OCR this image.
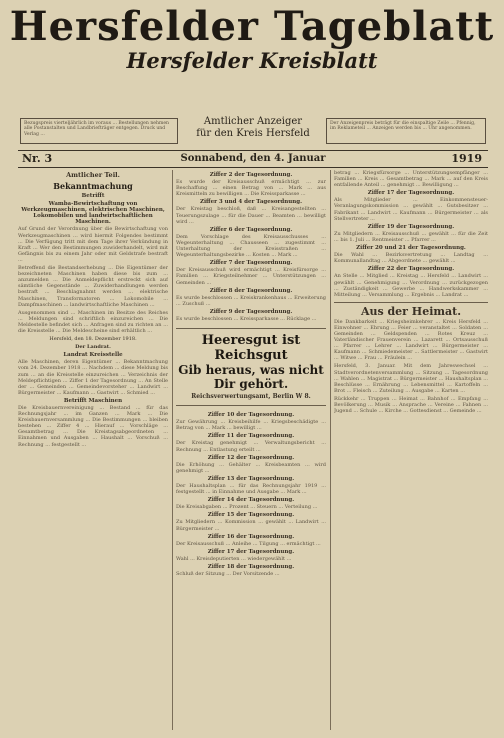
Hersfelder Tageblatt
Hersfelder Kreisblatt
Bezugspreis vierteljährlich im voraus ... Bestellungen nehmen alle Postanstalten und Landbriefträger entgegen. Druck und Verlag ...
Amtlicher Anzeiger
für den Kreis Hersfeld
Der Anzeigenpreis beträgt für die einspaltige Zeile ... Pfennig, im Reklameteil ... Anzeigen werden bis ... Uhr angenommen.
Nr. 3	Sonnabend, den 4. Januar	1919
Amtlicher Teil.
Bekanntmachung
Betrifft
Wamba-Bewirtschaftung von Werkzeugmaschinen, elektrischen Maschinen, Lokomobilen und landwirtschaftlichen Maschinen.
Auf Grund der Verordnung über die Bewirtschaftung von Werkzeugmaschinen ... wird hiermit Folgendes bestimmt ... Die Verfügung tritt mit dem Tage ihrer Verkündung in Kraft ... Wer den Bestimmungen zuwiderhandelt, wird mit Gefängnis bis zu einem Jahr oder mit Geldstrafe bestraft ...
Betreffend die Bestandserhebung ... Die Eigentümer der bezeichneten Maschinen haben diese bis zum ... anzumelden ... Die Anmeldepflicht erstreckt sich auf sämtliche Gegenstände ... Zuwiderhandlungen werden bestraft ... Beschlagnahmt werden ... elektrische Maschinen, Transformatoren ... Lokomobile ... Dampfmaschinen ... landwirtschaftliche Maschinen ...
Ausgenommen sind ... Maschinen im Besitze des Reiches ... Meldungen sind schriftlich einzureichen ... Die Meldestelle befindet sich ... Anfragen sind zu richten an ... die Kreisstelle ... Die Meldescheine sind erhältlich ...
Hersfeld, den 18. Dezember 1918.
Der Landrat.
Landrat Kreisstelle
Alle Maschinen, deren Eigentümer ... Bekanntmachung vom 24. Dezember 1918 ... Nachdem ... diese Meldung bis zum ... an die Kreisstelle einzureichen ... Verzeichnis der Meldepflichtigen ... Ziffer 1 der Tagesordnung ... An Stelle der ... Gemeinden ... Gemeindevorsteher ... Landwirt ... Bürgermeister ... Kaufmann ... Gastwirt ... Schmied ...
Betrifft Maschinen
Die Kreisbauernvereinigung ... Bestand ... für das Rechnungsjahr ... im Ganzen ... Mark ... Die Kreisbauernversammlung ... Die Bestimmungen ... bleiben bestehen ... Ziffer 4 ... Hierauf ... Vorschläge ... Gesamtbetrag ... Die Kreistagsabgeordneten ... Einnahmen und Ausgaben ... Haushalt ... Vorschuß ... Rechnung ... festgestellt ...
Ziffer 2 der Tagesordnung.
Es wurde der Kreisausschuß ermächtigt ... zur Beschaffung ... einen Betrag von ... Mark ... aus Kreismitteln zu bewilligen ... Die Kreissparkasse ...
Ziffer 3 und 4 der Tagesordnung.
Der Kreistag beschloß, daß ... Kreisangestellten ... Teuerungszulage ... für die Dauer ... Beamten ... bewilligt wird ...
Ziffer 6 der Tagesordnung.
Dem Vorschlage des Kreisausschusses ... Wegeunterhaltung ... Chausseen ... zugestimmt ... Unterhaltung der Kreisstraßen ... Wegeunterhaltungsbezirke ... Kosten ... Mark ...
Ziffer 7 der Tagesordnung.
Der Kreisausschuß wird ermächtigt ... Kreisfürsorge ... Familien ... Kriegsteilnehmer ... Unterstützungen ... Gemeinden ...
Ziffer 8 der Tagesordnung.
Es wurde beschlossen ... Kreiskrankenhaus ... Erweiterung ... Zuschuß ...
Ziffer 9 der Tagesordnung.
Es wurde beschlossen ... Kreissparkasse ... Rücklage ...
Heeresgut ist Reichsgut
Gib heraus, was nicht Dir gehört.
Reichsverwertungsamt, Berlin W 8.
Ziffer 10 der Tagesordnung.
Zur Gewährung ... Kreisbeihilfe ... Kriegsbeschädigte ... Betrag von ... Mark ... bewilligt ...
Ziffer 11 der Tagesordnung.
Der Kreistag genehmigt ... Verwaltungsbericht ... Rechnung ... Entlastung erteilt ...
Ziffer 12 der Tagesordnung.
Die Erhöhung ... Gehälter ... Kreisbeamten ... wird genehmigt ...
Ziffer 13 der Tagesordnung.
Der Haushaltsplan ... für das Rechnungsjahr 1919 ... festgestellt ... in Einnahme und Ausgabe ... Mark ...
Ziffer 14 der Tagesordnung.
Die Kreisabgaben ... Prozent ... Steuern ... Verteilung ...
Ziffer 15 der Tagesordnung.
Zu Mitgliedern ... Kommission ... gewählt ... Landwirt ... Bürgermeister ...
Ziffer 16 der Tagesordnung.
Der Kreisausschuß ... Anleihe ... Tilgung ... ermächtigt ...
Ziffer 17 der Tagesordnung.
Wahl ... Kreisdeputierten ... wiedergewählt ...
Ziffer 18 der Tagesordnung.
Schluß der Sitzung ... Der Vorsitzende ...
betrag ... Kriegsfürsorge ... Unterstützungsempfänger ... Familien ... Kreis ... Gesamtbetrag ... Mark ... auf den Kreis entfallende Anteil ... genehmigt ... Bewilligung ...
Ziffer 17 der Tagesordnung.
Als Mitglieder ... Einkommensteuer-Veranlagungskommission ... gewählt ... Gutsbesitzer ... Fabrikant ... Landwirt ... Kaufmann ... Bürgermeister ... als Stellvertreter ...
Ziffer 19 der Tagesordnung.
Zu Mitgliedern ... Kreisausschuß ... gewählt ... für die Zeit ... bis 1. Juli ... Rentmeister ... Pfarrer ...
Ziffer 20 und 21 der Tagesordnung.
Die Wahl ... Bezirksvertretung ... Landtag ... Kommunallandtag ... Abgeordnete ... gewählt ...
Ziffer 22 der Tagesordnung.
An Stelle ... Mitglied ... Kreistag ... Hersfeld ... Landwirt ... gewählt ... Genehmigung ... Verordnung ... zurückgezogen ... Zuständigkeit ... Gewerbe ... Handwerkskammer ... Mitteilung ... Versammlung ... Ergebnis ... Landrat ...
Aus der Heimat.
Die Dankbarkeit ... Kriegsheimkehrer ... Kreis Hersfeld ... Einwohner ... Ehrung ... Feier ... veranstaltet ... Soldaten ... Gemeinden ... Geldspenden ... Rotes Kreuz ... Vaterländischer Frauenverein ... Lazarett ... Ortsausschuß ... Pfarrer ... Lehrer ... Landwirt ... Bürgermeister ... Kaufmann ... Schmiedemeister ... Sattlermeister ... Gastwirt ... Witwe ... Frau ... Fräulein ...
Hersfeld, 3. Januar. Mit dem Jahreswechsel ... Stadtverordnetenversammlung ... Sitzung ... Tagesordnung ... Wahlen ... Magistrat ... Bürgermeister ... Haushaltsplan ... Beschlüsse ... Ernährung ... Lebensmittel ... Kartoffeln ... Brot ... Fleisch ... Zuteilung ... Ausgabe ... Karten ...
Rückkehr ... Truppen ... Heimat ... Bahnhof ... Empfang ... Bevölkerung ... Musik ... Ansprache ... Vereine ... Fahnen ... Jugend ... Schule ... Kirche ... Gottesdienst ... Gemeinde ...
